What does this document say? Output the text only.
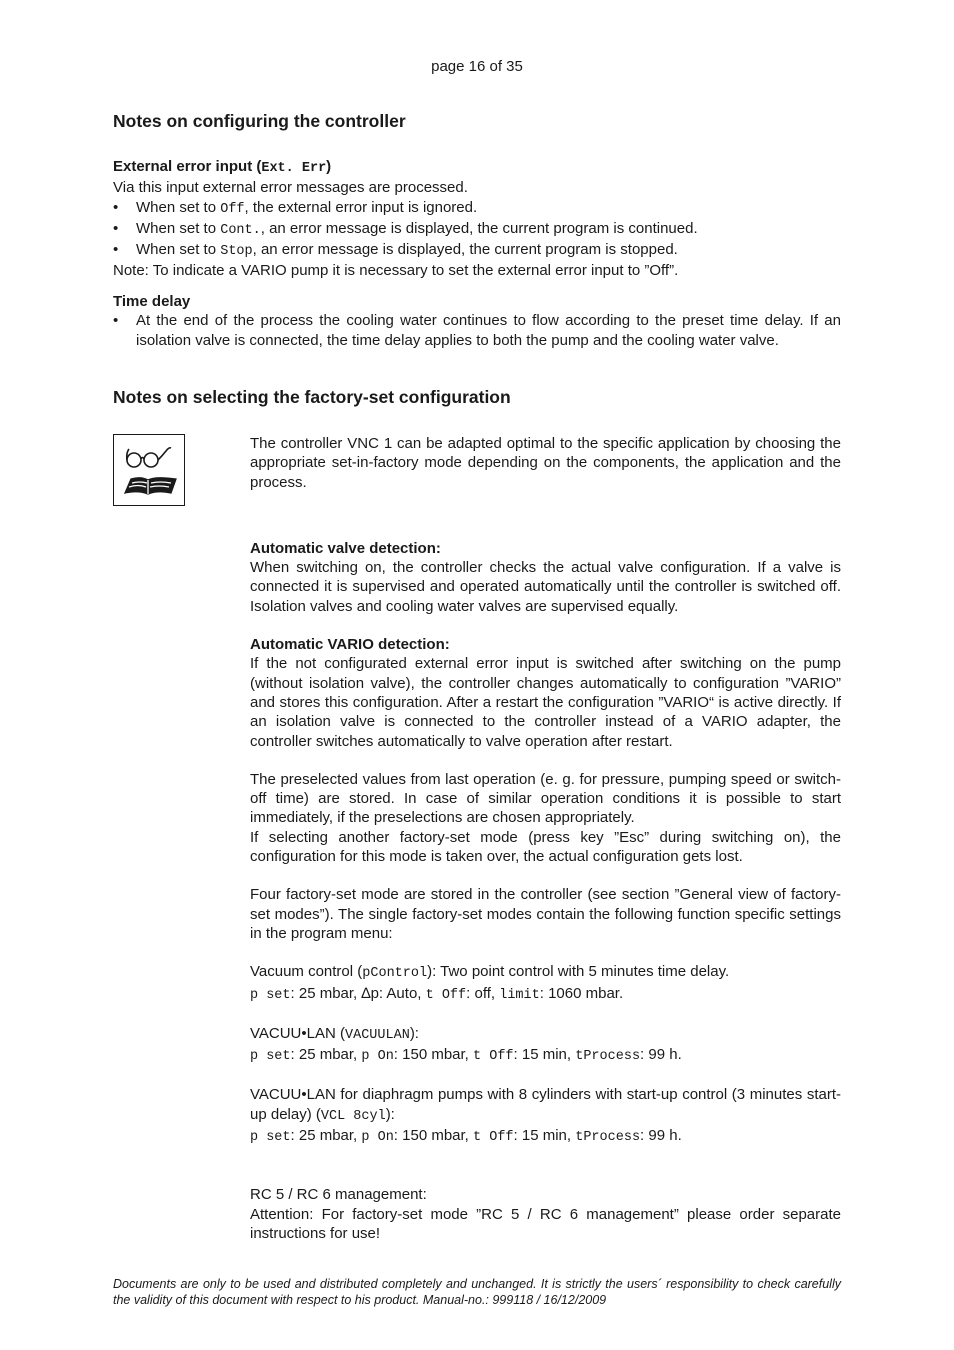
page 16 of 35
Notes on configuring the controller
External error input (Ext. Err)

Via this input external error messages are processed.

• When set to Off, the external error input is ignored.
• When set to Cont., an error message is displayed, the current program is continued.
• When set to Stop, an error message is displayed, the current program is stopped.

Note: To indicate a VARIO pump it is necessary to set the external error input to ”Off”.

Time delay
• At the end of the process the cooling water continues to flow according to the preset time delay. If an isolation valve is connected, the time delay applies to both the pump and the cooling water valve.
Notes on selecting the factory-set configuration

The controller VNC 1 can be adapted optimal to the specific application by choosing the appropriate set-in-factory mode depending on the components, the application and the process.

Automatic valve detection:

When switching on, the controller checks the actual valve configuration. If a valve is connected it is supervised and operated automatically until the controller is switched off. Isolation valves and cooling water valves are supervised equally.

Automatic VARIO detection:

If the not configurated external error input is switched after switching on the pump (without isolation valve), the controller changes automatically to configuration ”VARIO” and stores this configuration. After a restart the configuration ”VARIO“ is active directly. If an isolation valve is connected to the controller instead of a VARIO adapter, the controller switches automatically to valve operation after restart.

The preselected values from last operation (e. g. for pressure, pumping speed or switch-off time) are stored. In case of similar operation conditions it is possible to start immediately, if the preselections are chosen appropriately.

If selecting another factory-set mode (press key ”Esc” during switching on), the configuration for this mode is taken over, the actual configuration gets lost.

Four factory-set mode are stored in the controller (see section ”General view of factory-set modes”). The single factory-set modes contain the following function specific settings in the program menu:

Vacuum control (pControl): Two point control with 5 minutes time delay.

p set: 25 mbar, ∆p: Auto, t Off: off, limit: 1060 mbar.

VACUU•LAN (VACUULAN):

p set: 25 mbar, p On: 150 mbar, t Off: 15 min, tProcess: 99 h.

VACUU•LAN for diaphragm pumps with 8 cylinders with start-up control (3 minutes start-up delay) (VCL 8cyl):

p set: 25 mbar, p On: 150 mbar, t Off: 15 min, tProcess: 99 h.

RC 5 / RC 6 management:

Attention: For factory-set mode ”RC 5 / RC 6 management” please order separate instructions for use!

Documents are only to be used and distributed completely and unchanged. It is strictly the users´ responsibility to check carefully the validity of this document with respect to his product. Manual-no.: 999118 / 16/12/2009
